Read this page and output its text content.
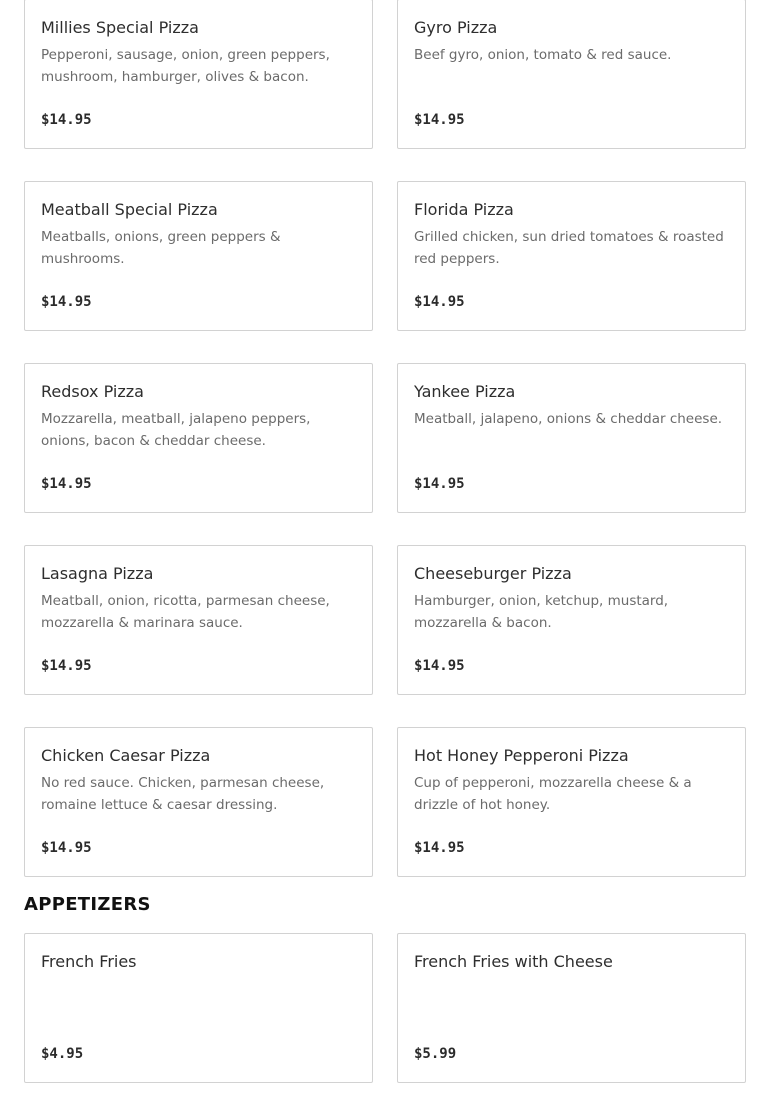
Millies Special Pizza
Pepperoni, sausage, onion, green peppers, mushroom, hamburger, olives & bacon.
$14.95
Gyro Pizza
Beef gyro, onion, tomato & red sauce.
$14.95
Meatball Special Pizza
Meatballs, onions, green peppers & mushrooms.
$14.95
Florida Pizza
Grilled chicken, sun dried tomatoes & roasted red peppers.
$14.95
Redsox Pizza
Mozzarella, meatball, jalapeno peppers, onions, bacon & cheddar cheese.
$14.95
Yankee Pizza
Meatball, jalapeno, onions & cheddar cheese.
$14.95
Lasagna Pizza
Meatball, onion, ricotta, parmesan cheese, mozzarella & marinara sauce.
$14.95
Cheeseburger Pizza
Hamburger, onion, ketchup, mustard, mozzarella & bacon.
$14.95
Chicken Caesar Pizza
No red sauce. Chicken, parmesan cheese, romaine lettuce & caesar dressing.
$14.95
Hot Honey Pepperoni Pizza
Cup of pepperoni, mozzarella cheese & a drizzle of hot honey.
$14.95
APPETIZERS
French Fries
$4.95
French Fries with Cheese
$5.99
